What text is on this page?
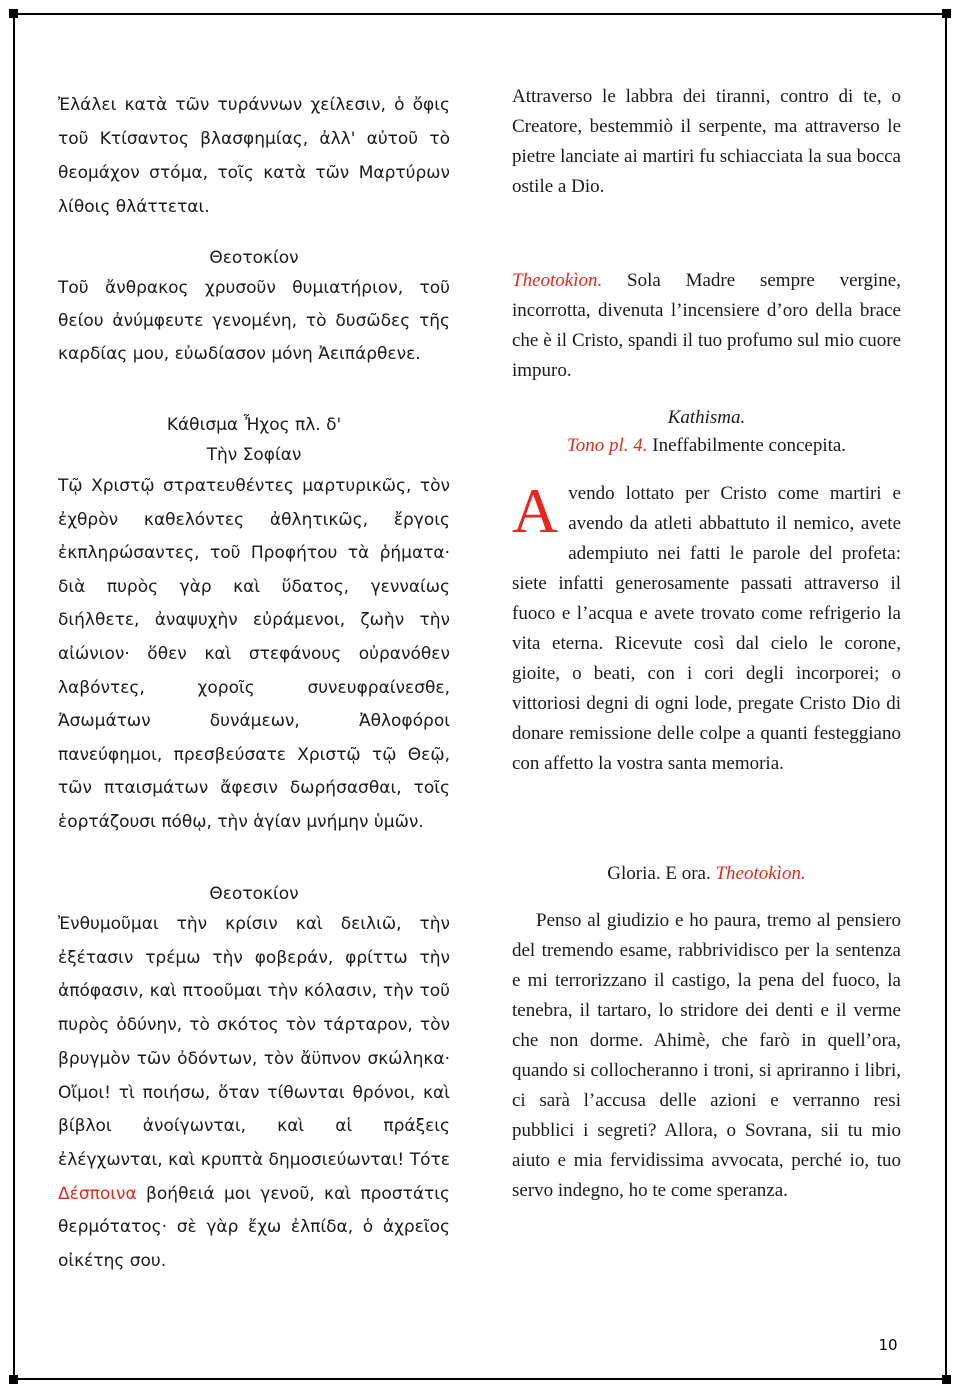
Ἐλάλει κατὰ τῶν τυράννων χείλεσιν, ὁ ὄφις τοῦ Κτίσαντος βλασφημίας, ἀλλ' αὐτοῦ τὸ θεομάχον στόμα, τοῖς κατὰ τῶν Μαρτύρων λίθοις θλάττεται.

Θεοτοκίον

Τοῦ ἄνθρακος χρυσοῦν θυμιατήριον, τοῦ θείου ἀνύμφευτε γενομένη, τὸ δυσῶδες τῆς καρδίας μου, εὐωδίασον μόνη Ἀειπάρθενε.

Κάθισμα Ἦχος πλ. δ'

Τὴν Σοφίαν

Τῷ Χριστῷ στρατευθέντες μαρτυρικῶς, τὸν ἐχθρὸν καθελόντες ἀθλητικῶς, ἔργοις ἐκπληρώσαντες, τοῦ Προφήτου τὰ ῥήματα· διὰ πυρὸς γὰρ καὶ ὕδατος, γενναίως διήλθετε, ἀναψυχὴν εὐράμενοι, ζωὴν τὴν αἰώνιον· ὅθεν καὶ στεφάνους οὐρανόθεν λαβόντες, χοροῖς συνευφραίνεσθε, Ἀσωμάτων δυνάμεων, Ἀθλοφόροι πανεύφημοι, πρεσβεύσατε Χριστῷ τῷ Θεῷ, τῶν πταισμάτων ἄφεσιν δωρήσασθαι, τοῖς ἑορτάζουσι πόθῳ, τὴν ἁγίαν μνήμην ὑμῶν.

Θεοτοκίον

Ἐνθυμοῦμαι τὴν κρίσιν καὶ δειλιῶ, τὴν ἐξέτασιν τρέμω τὴν φοβεράν, φρίττω τὴν ἀπόφασιν, καὶ πτοοῦμαι τὴν κόλασιν, τὴν τοῦ πυρὸς ὀδύνην, τὸ σκότος τὸν τάρταρον, τὸν βρυγμὸν τῶν ὀδόντων, τὸν ἄϋπνον σκώληκα· Οἴμοι! τὶ ποιήσω, ὅταν τίθωνται θρόνοι, καὶ βίβλοι ἀνοίγωνται, καὶ αἱ πράξεις ἐλέγχωνται, καὶ κρυπτὰ δημοσιεύωνται! Τότε Δέσποινα βοήθειά μοι γενοῦ, καὶ προστάτις θερμότατος· σὲ γὰρ ἔχω ἐλπίδα, ὁ ἀχρεῖος οἰκέτης σου.

Attraverso le labbra dei tiranni, contro di te, o Creatore, bestemmiò il serpente, ma attraverso le pietre lanciate ai martiri fu schiacciata la sua bocca ostile a Dio.

Theotokìon. Sola Madre sempre vergine, incorrotta, divenuta l’incensiere d’oro della brace che è il Cristo, spandi il tuo profumo sul mio cuore impuro.

Kathisma.

Tono pl. 4. Ineffabilmente concepita.

Avendo lottato per Cristo come martiri e avendo da atleti abbattuto il nemico, avete adempiuto nei fatti le parole del profeta: siete infatti generosamente passati attraverso il fuoco e l’acqua e avete trovato come refrigerio la vita eterna. Ricevute così dal cielo le corone, gioite, o beati, con i cori degli incorporei; o vittoriosi degni di ogni lode, pregate Cristo Dio di donare remissione delle colpe a quanti festeggiano con affetto la vostra santa memoria.

Gloria. E ora. Theotokìon.

Penso al giudizio e ho paura, tremo al pensiero del tremendo esame, rabbrividisco per la sentenza e mi terrorizzano il castigo, la pena del fuoco, la tenebra, il tartaro, lo stridore dei denti e il verme che non dorme. Ahimè, che farò in quell’ora, quando si collocheranno i troni, si apriranno i libri, ci sarà l’accusa delle azioni e verranno resi pubblici i segreti? Allora, o Sovrana, sii tu mio aiuto e mia fervidissima avvocata, perché io, tuo servo indegno, ho te come speranza.

10
